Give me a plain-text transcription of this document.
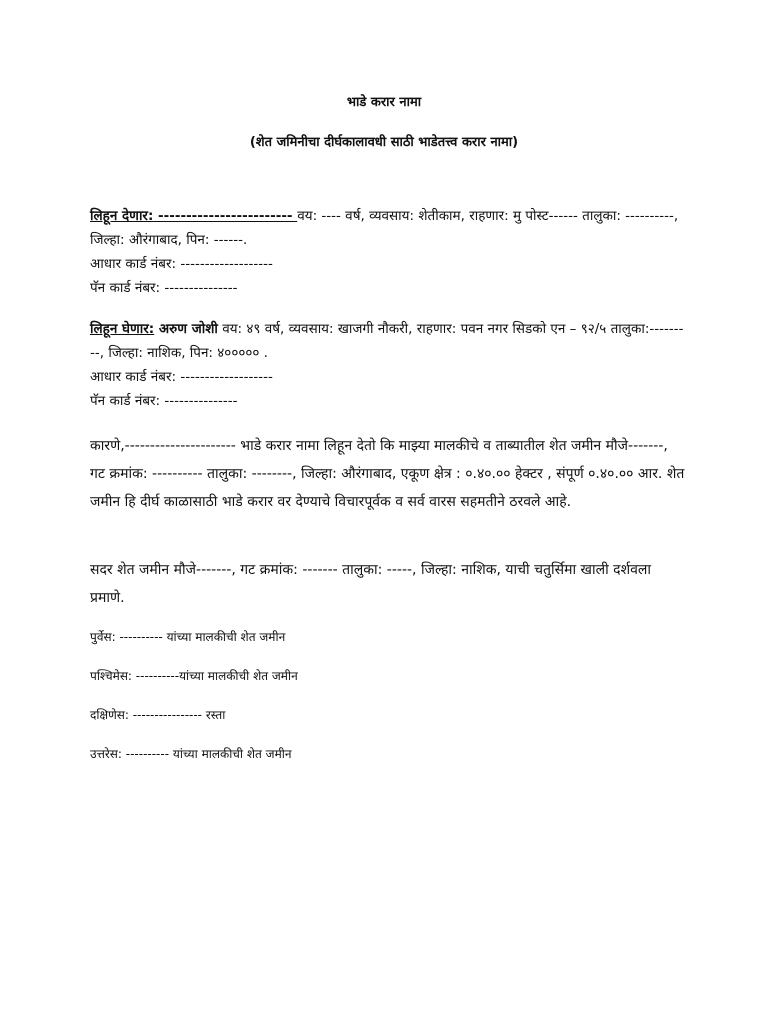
भाडे करार नामा
(शेत जमिनीचा दीर्घकालावधी साठी भाडेतत्त्व करार नामा)

लिहून देणार: ------------------------ वय: ---- वर्ष, व्यवसाय: शेतीकाम, राहणार: मु पोस्ट------ तालुका: ----------, जिल्हा: औरंगाबाद, पिन: ------.

आधार कार्ड नंबर: -------------------

पॅन कार्ड नंबर: ---------------

लिहून घेणार: अरुण जोशी वय: ४९ वर्ष, व्यवसाय: खाजगी नौकरी, राहणार: पवन नगर सिडको एन – ९२/५ तालुका:---------, जिल्हा: नाशिक, पिन: ४००००० .

आधार कार्ड नंबर: -------------------

पॅन कार्ड नंबर: ---------------

कारणे,---------------------- भाडे करार नामा लिहून देतो कि माझ्या मालकीचे व ताब्यातील शेत जमीन मौजे-------, गट क्रमांक: ---------- तालुका: --------, जिल्हा: औरंगाबाद, एकूण क्षेत्र : ०.४०.०० हेक्टर , संपूर्ण ०.४०.०० आर. शेत जमीन हि दीर्घ काळासाठी भाडे करार वर देण्याचे विचारपूर्वक व सर्व वारस सहमतीने ठरवले आहे.

सदर शेत जमीन मौजे-------, गट क्रमांक: ------- तालुका: -----, जिल्हा: नाशिक, याची चतुर्सिमा खाली दर्शवला प्रमाणे.

पुर्वेस: ---------- यांच्या मालकीची शेत जमीन
पश्चिमेस: ----------यांच्या मालकीची शेत जमीन
दक्षिणेस: ---------------- रस्ता
उत्तरेस: ---------- यांच्या मालकीची शेत जमीन
